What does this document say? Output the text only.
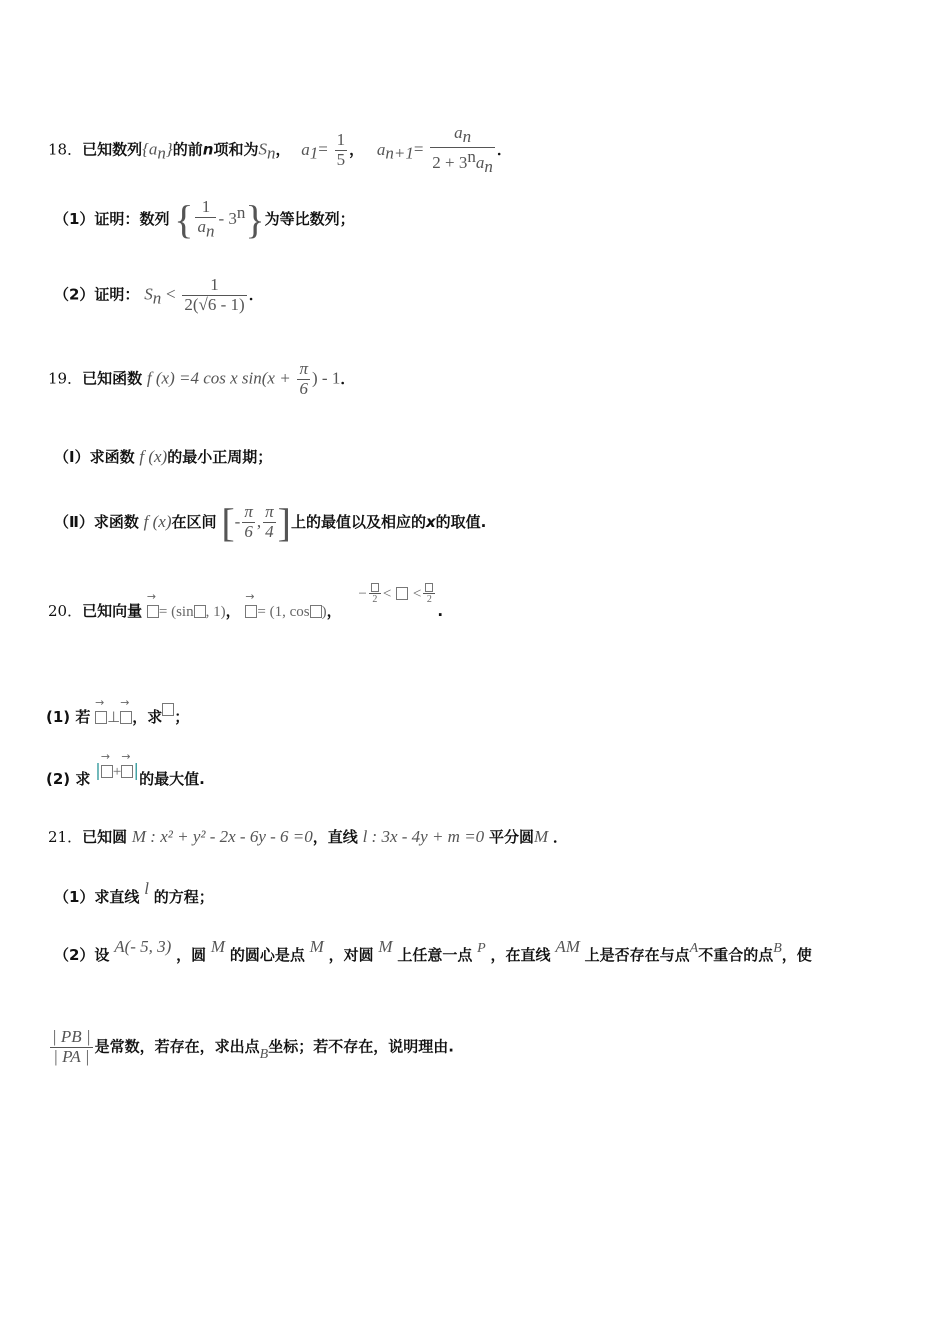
18．已知数列$\{a_n\}$的前n项和为$S_n$， $a_1= \frac{1}{5}$ ， $a_{n+1}= \frac{a_n}{2 + 3^na_n}$ ．
（1）证明：数列 { $\frac{1}{a_n} - 3^n$}为等比数列；
（2）证明： $S_n < \frac{1}{2(√6 - 1)}$ ．
19．已知函数 f (x) =4 cos x $\sin(x + \frac{\pi}{6}$ ) - 1．
（Ⅰ）求函数 f (x)的最小正周期；
（Ⅱ）求函数 f (x)在区间 [- $\frac{\pi}{6}$ , $\frac{\pi}{4}$ ]上的最值以及相应的x的取值.
20．已知向量 → = (sin , 1)， → = (1, cos )， − 2 < < 2
.
(1) 若 → ⊥ → ，求 ；
(2) 求 | → + → |的最大值.
21．已知圆 M : x² + y² - 2x - 6y - 6 =0，直线 l : 3x - 4y + m =0 平分圆M ．
（1）求直线 l 的方程；
（2）设 A(- 5, 3) ，圆 M 的圆心是点 M ，对圆 M 上任意一点 P ，在直线 AM 上是否存在与点A不重合的点B，使
$\frac{| PB |}{| PA |}$ 是常数，若存在，求出点B坐标；若不存在，说明理由.
